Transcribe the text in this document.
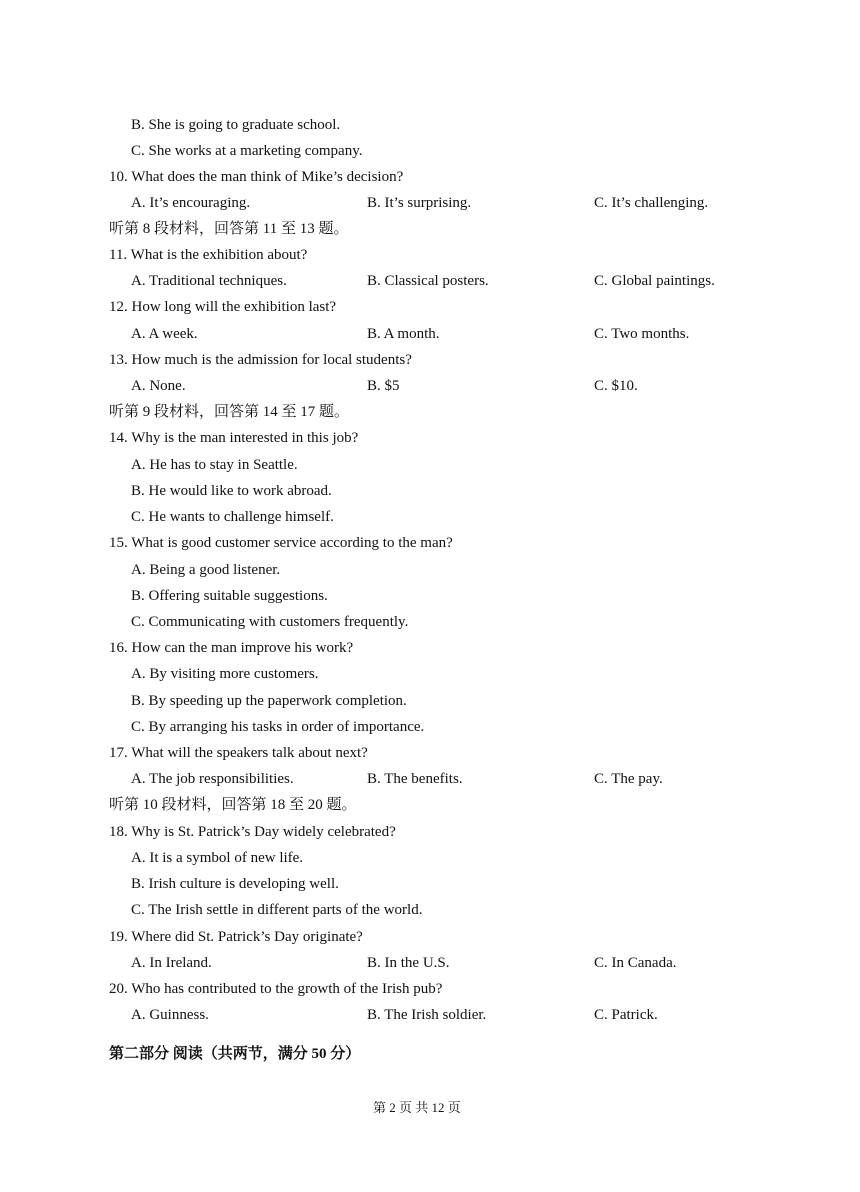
B. She is going to graduate school.
C. She works at a marketing company.
10. What does the man think of Mike’s decision?
A. It’s encouraging.	B. It’s surprising.	C. It’s challenging.
听第 8 段材料，回答第 11 至 13 题。
11. What is the exhibition about?
A. Traditional techniques.	B. Classical posters.	C. Global paintings.
12. How long will the exhibition last?
A. A week.	B. A month.	C. Two months.
13. How much is the admission for local students?
A. None.	B. $5	C. $10.
听第 9 段材料，回答第 14 至 17 题。
14. Why is the man interested in this job?
A. He has to stay in Seattle.
B. He would like to work abroad.
C. He wants to challenge himself.
15. What is good customer service according to the man?
A. Being a good listener.
B. Offering suitable suggestions.
C. Communicating with customers frequently.
16. How can the man improve his work?
A. By visiting more customers.
B. By speeding up the paperwork completion.
C. By arranging his tasks in order of importance.
17. What will the speakers talk about next?
A. The job responsibilities.	B. The benefits.	C. The pay.
听第 10 段材料，回答第 18 至 20 题。
18. Why is St. Patrick’s Day widely celebrated?
A. It is a symbol of new life.
B. Irish culture is developing well.
C. The Irish settle in different parts of the world.
19. Where did St. Patrick’s Day originate?
A. In Ireland.	B. In the U.S.	C. In Canada.
20. Who has contributed to the growth of the Irish pub?
A. Guinness.	B. The Irish soldier.	C. Patrick.
第二部分 阅读（共两节，满分 50 分）
第 2 页 共 12 页
